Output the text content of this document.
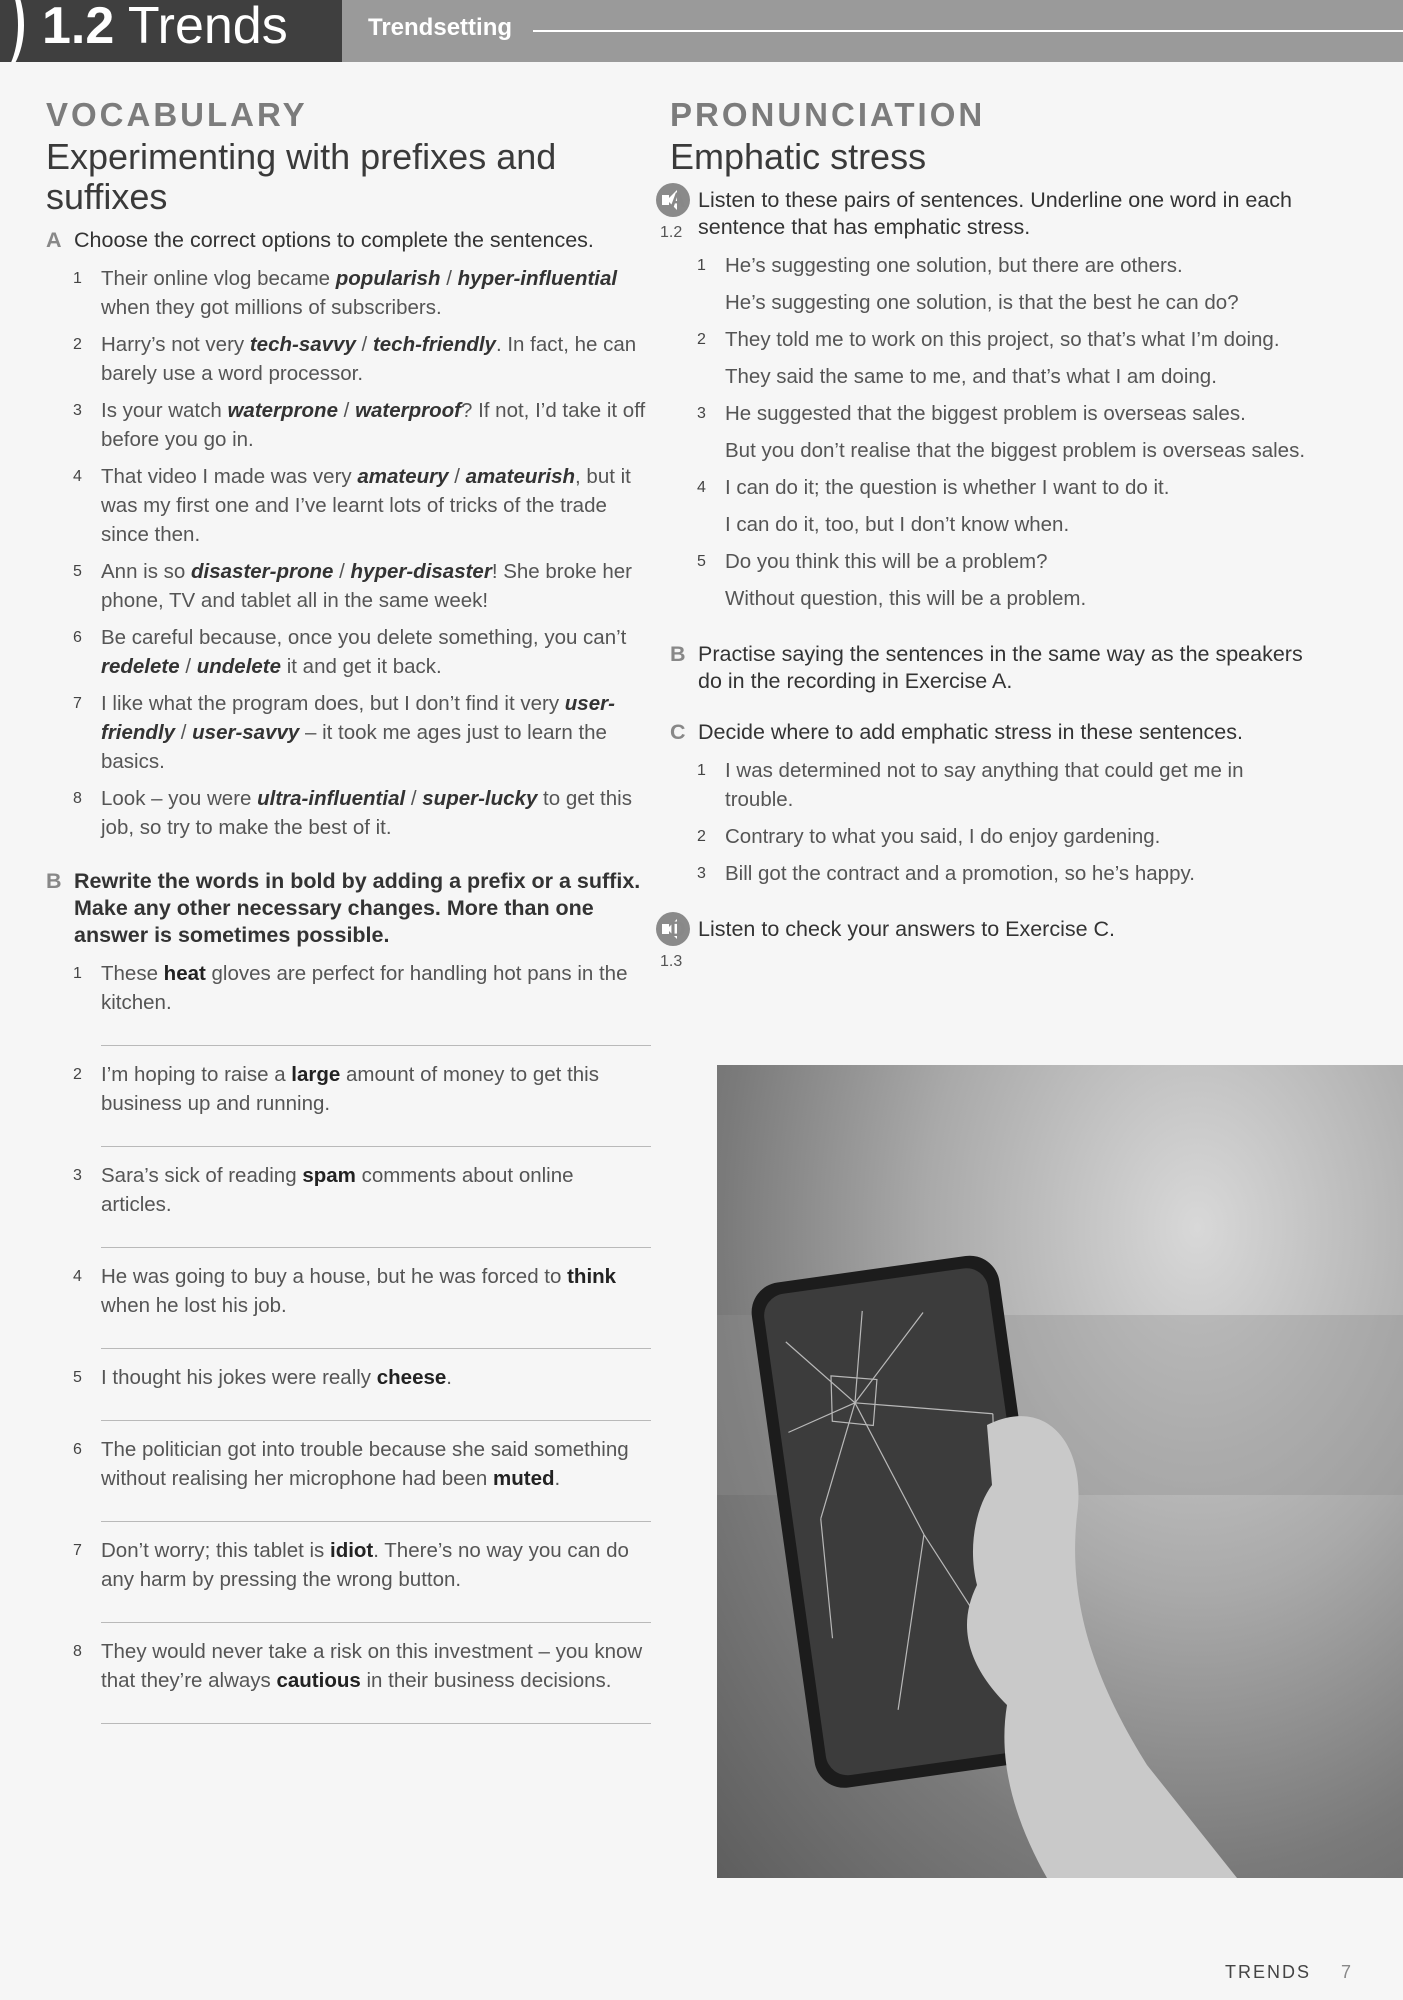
1.2 Trends	Trendsetting
VOCABULARY
Experimenting with prefixes and suffixes
A Choose the correct options to complete the sentences.
1 Their online vlog became popularish / hyper-influential when they got millions of subscribers.
2 Harry’s not very tech-savvy / tech-friendly. In fact, he can barely use a word processor.
3 Is your watch waterprone / waterproof? If not, I’d take it off before you go in.
4 That video I made was very amateury / amateurish, but it was my first one and I’ve learnt lots of tricks of the trade since then.
5 Ann is so disaster-prone / hyper-disaster! She broke her phone, TV and tablet all in the same week!
6 Be careful because, once you delete something, you can’t redelete / undelete it and get it back.
7 I like what the program does, but I don’t find it very user-friendly / user-savvy – it took me ages just to learn the basics.
8 Look – you were ultra-influential / super-lucky to get this job, so try to make the best of it.
B Rewrite the words in bold by adding a prefix or a suffix. Make any other necessary changes. More than one answer is sometimes possible.
1 These heat gloves are perfect for handling hot pans in the kitchen.
2 I’m hoping to raise a large amount of money to get this business up and running.
3 Sara’s sick of reading spam comments about online articles.
4 He was going to buy a house, but he was forced to think when he lost his job.
5 I thought his jokes were really cheese.
6 The politician got into trouble because she said something without realising her microphone had been muted.
7 Don’t worry; this tablet is idiot. There’s no way you can do any harm by pressing the wrong button.
8 They would never take a risk on this investment – you know that they’re always cautious in their business decisions.
PRONUNCIATION
Emphatic stress
1.2
A Listen to these pairs of sentences. Underline one word in each sentence that has emphatic stress.
1 He’s suggesting one solution, but there are others.
He’s suggesting one solution, is that the best he can do?
2 They told me to work on this project, so that’s what I’m doing.
They said the same to me, and that’s what I am doing.
3 He suggested that the biggest problem is overseas sales.
But you don’t realise that the biggest problem is overseas sales.
4 I can do it; the question is whether I want to do it.
I can do it, too, but I don’t know when.
5 Do you think this will be a problem?
Without question, this will be a problem.
B Practise saying the sentences in the same way as the speakers do in the recording in Exercise A.
C Decide where to add emphatic stress in these sentences.
1 I was determined not to say anything that could get me in trouble.
2 Contrary to what you said, I do enjoy gardening.
3 Bill got the contract and a promotion, so he’s happy.
1.3
D Listen to check your answers to Exercise C.
TRENDS 7
